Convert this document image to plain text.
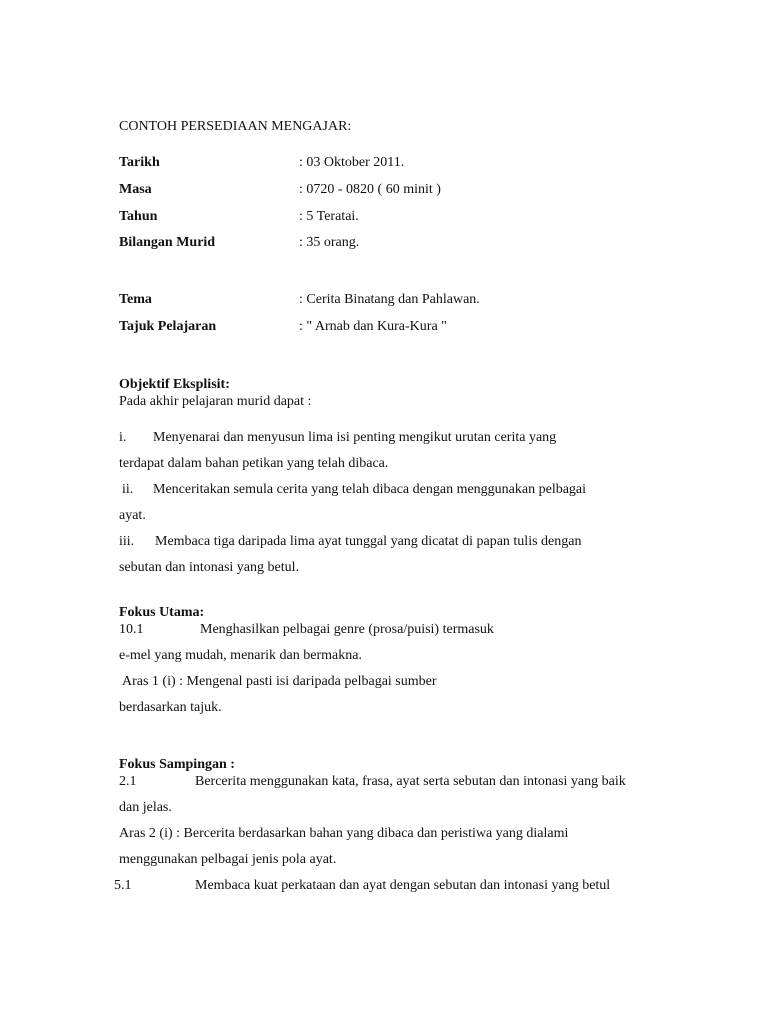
CONTOH PERSEDIAAN MENGAJAR:
Tarikh	: 03 Oktober 2011.
Masa	: 0720 - 0820 ( 60 minit )
Tahun	: 5 Teratai.
Bilangan Murid	: 35 orang.
Tema	: Cerita Binatang dan Pahlawan.
Tajuk Pelajaran	: " Arnab dan Kura-Kura "
Objektif Eksplisit:
Pada akhir pelajaran murid dapat :
i. Menyenarai dan menyusun lima isi penting mengikut urutan cerita yang
terdapat dalam bahan petikan yang telah dibaca.
ii. Menceritakan semula cerita yang telah dibaca dengan menggunakan pelbagai
ayat.
iii. Membaca tiga daripada lima ayat tunggal yang dicatat di papan tulis dengan
sebutan dan intonasi yang betul.
Fokus Utama:
10.1	Menghasilkan pelbagai genre (prosa/puisi) termasuk
e-mel yang mudah, menarik dan bermakna.
Aras 1 (i) : Mengenal pasti isi daripada pelbagai sumber
berdasarkan tajuk.
Fokus Sampingan :
2.1	Bercerita menggunakan kata, frasa, ayat serta sebutan dan intonasi yang baik
dan jelas.
Aras 2 (i) : Bercerita berdasarkan bahan yang dibaca dan peristiwa yang dialami
menggunakan pelbagai jenis pola ayat.
5.1	Membaca kuat perkataan dan ayat dengan sebutan dan intonasi yang betul
